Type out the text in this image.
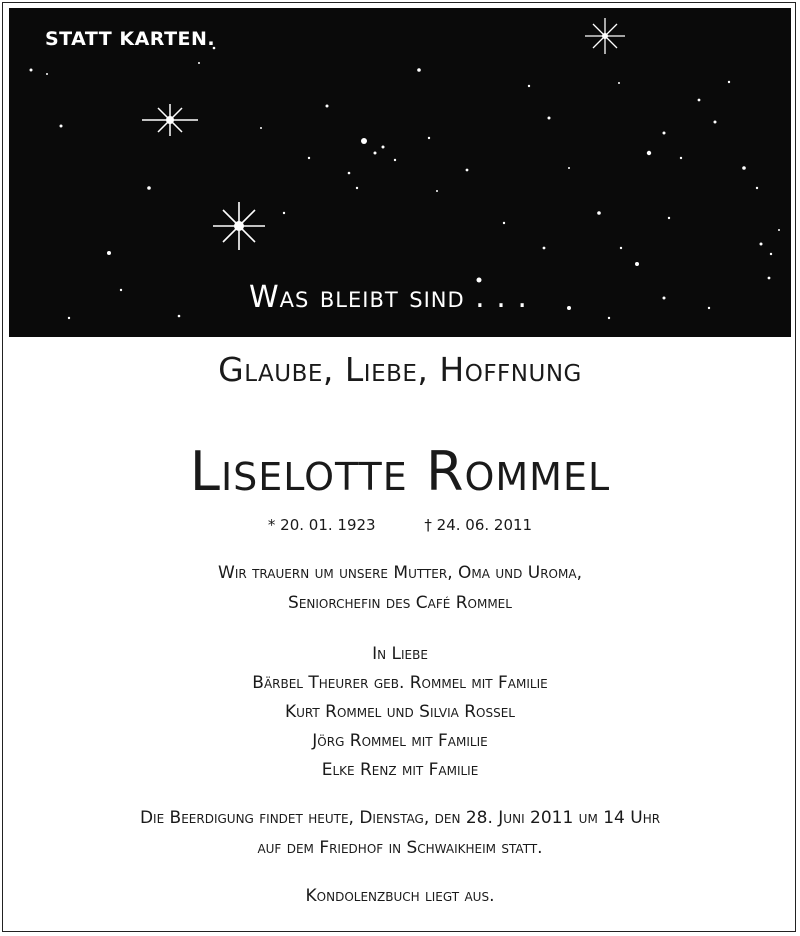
STATT KARTEN.
Was bleibt sind . . .
Glaube, Liebe, Hoffnung
Liselotte Rommel
* 20. 01. 1923	† 24. 06. 2011
Wir trauern um unsere Mutter, Oma und Uroma,
Seniorchefin des Café Rommel
In Liebe
Bärbel Theurer geb. Rommel mit Familie
Kurt Rommel und Silvia Rossel
Jörg Rommel mit Familie
Elke Renz mit Familie
Die Beerdigung findet heute, Dienstag, den 28. Juni 2011 um 14 Uhr
auf dem Friedhof in Schwaikheim statt.
Kondolenzbuch liegt aus.
